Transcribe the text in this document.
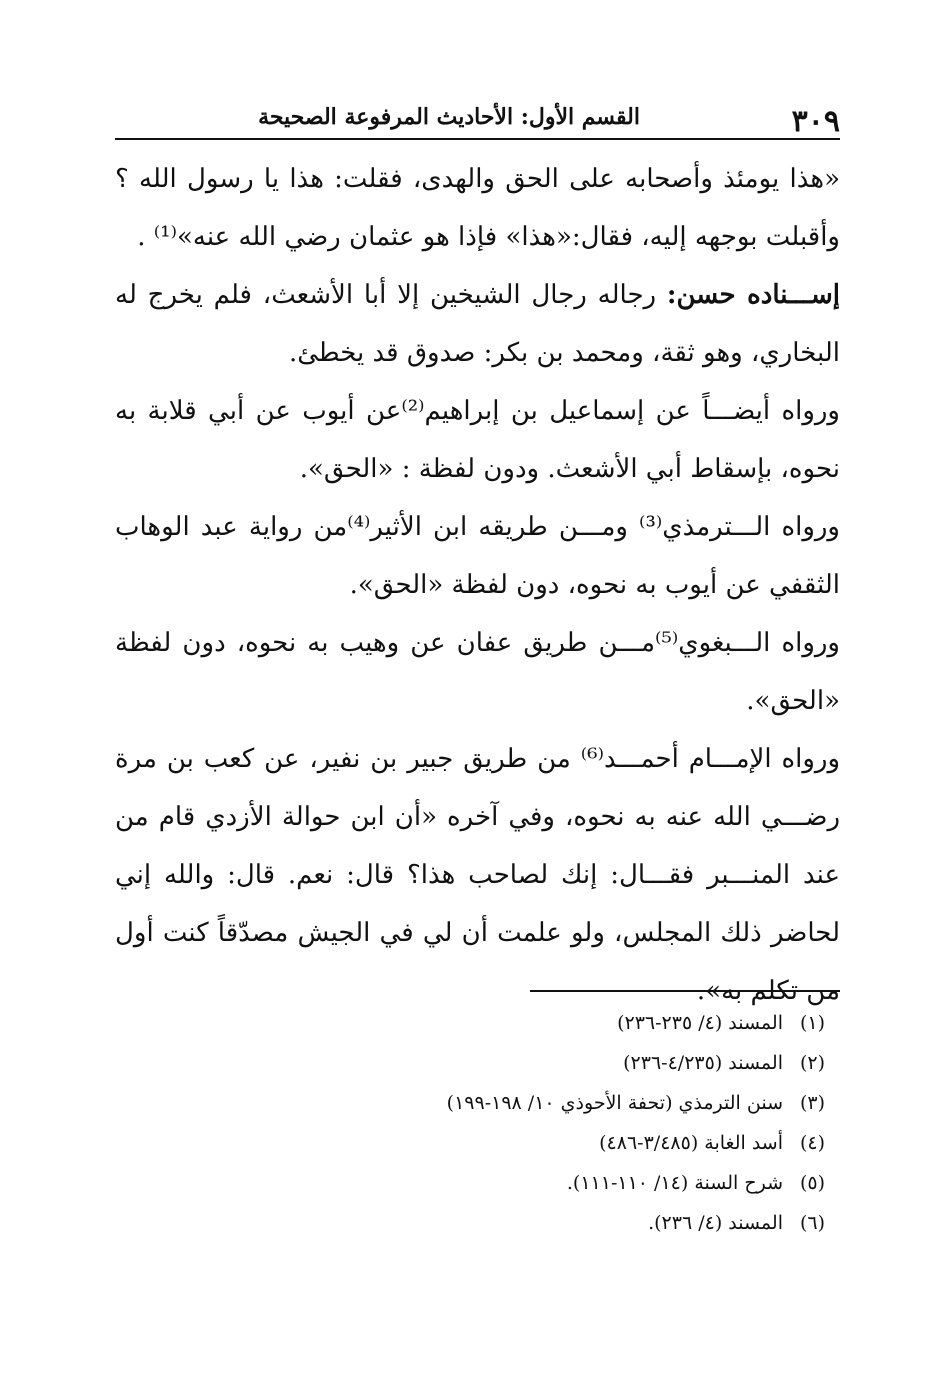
٣٠٩
القسم الأول: الأحاديث المرفوعة الصحيحة

«هذا يومئذ وأصحابه على الحق والهدى، فقلت: هذا يا رسول الله ؟ وأقبلت بوجهه إليه، فقال:«هذا» فإذا هو عثمان رضي الله عنه»⁽¹⁾ .

إســـناده حسن: رجاله رجال الشيخين إلا أبا الأشعث، فلم يخرج له البخاري، وهو ثقة، ومحمد بن بكر: صدوق قد يخطئ.

ورواه أيضـــاً عن إسماعيل بن إبراهيم⁽²⁾عن أيوب عن أبي قلابة به نحوه، بإسقاط أبي الأشعث. ودون لفظة : «الحق».

ورواه الـــترمذي⁽³⁾ ومـــن طريقه ابن الأثير⁽⁴⁾من رواية عبد الوهاب الثقفي عن أيوب به نحوه، دون لفظة «الحق».

ورواه الـــبغوي⁽⁵⁾مـــن طريق عفان عن وهيب به نحوه، دون لفظة «الحق».

ورواه الإمـــام أحمـــد⁽⁶⁾ من طريق جبير بن نفير، عن كعب بن مرة رضـــي الله عنه به نحوه، وفي آخره «أن ابن حوالة الأزدي قام من عند المنـــبر فقـــال: إنك لصاحب هذا؟ قال: نعم. قال: والله إني لحاضر ذلك المجلس، ولو علمت أن لي في الجيش مصدّقاً كنت أول من تكلم به».

(١)المسند (٤/ ٢٣٥-٢٣٦)
(٢)المسند (٤/٢٣٥-٢٣٦)
(٣)سنن الترمذي (تحفة الأحوذي ١٠/ ١٩٨-١٩٩)
(٤)أسد الغابة (٣/٤٨٥-٤٨٦)
(٥)شرح السنة (١٤/ ١١٠-١١١).
(٦)المسند (٤/ ٢٣٦).
